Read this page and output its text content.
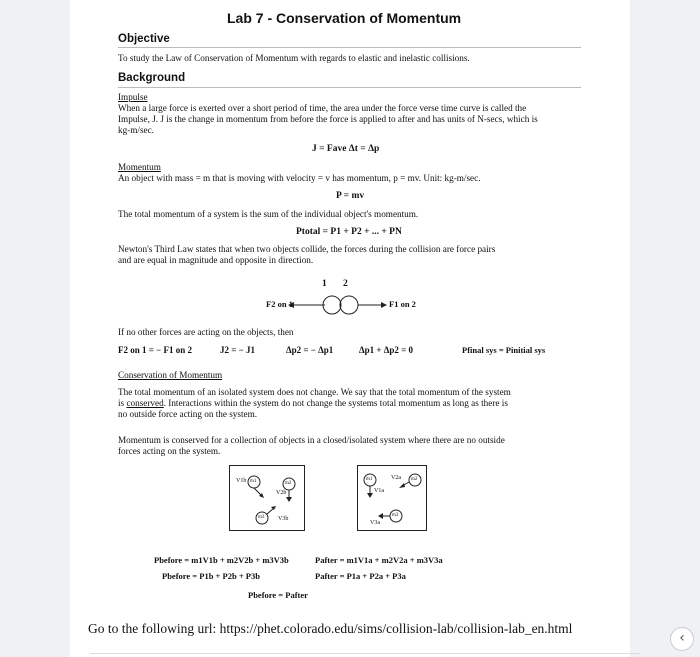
Lab 7 - Conservation of Momentum
Objective
To study the Law of Conservation of Momentum with regards to elastic and inelastic collisions.
Background
Impulse
When a large force is exerted over a short period of time, the area under the force verse time curve is called the
Impulse, J. J is the change in momentum from before the force is applied to after and has units of N-secs, which is
kg-m/sec.
J = Fave Δt = Δp
Momentum
An object with mass = m that is moving with velocity = v has momentum, p = mv. Unit: kg-m/sec.
P = mv
The total momentum of a system is the sum of the individual object's momentum.
Ptotal = P1 + P2 + ... + PN
Newton's Third Law states that when two objects collide, the forces during the collision are force pairs
and are equal in magnitude and opposite in direction.
1 2
F2 on 1	F1 on 2
If no other forces are acting on the objects, then
F2 on 1 = − F1 on 2	J2 = − J1	Δp2 = − Δp1	Δp1 + Δp2 = 0	Pfinal sys = Pinitial sys
Conservation of Momentum
The total momentum of an isolated system does not change. We say that the total momentum of the system
is conserved. Interactions within the system do not change the systems total momentum as long as there is
no outside force acting on the system.
Momentum is conserved for a collection of objects in a closed/isolated system where there are no outside
forces acting on the system.
V1b m1	m2
V2b
m3 V3b
m1
V1a
V2a m2
m3
V3a
Pbefore = m1V1b + m2V2b + m3V3b
Pbefore = P1b + P2b + P3b
Pafter = m1V1a + m2V2a + m3V3a
Pafter = P1a + P2a + P3a
Pbefore = Pafter
Go to the following url: https://phet.colorado.edu/sims/collision-lab/collision-lab_en.html
‹
